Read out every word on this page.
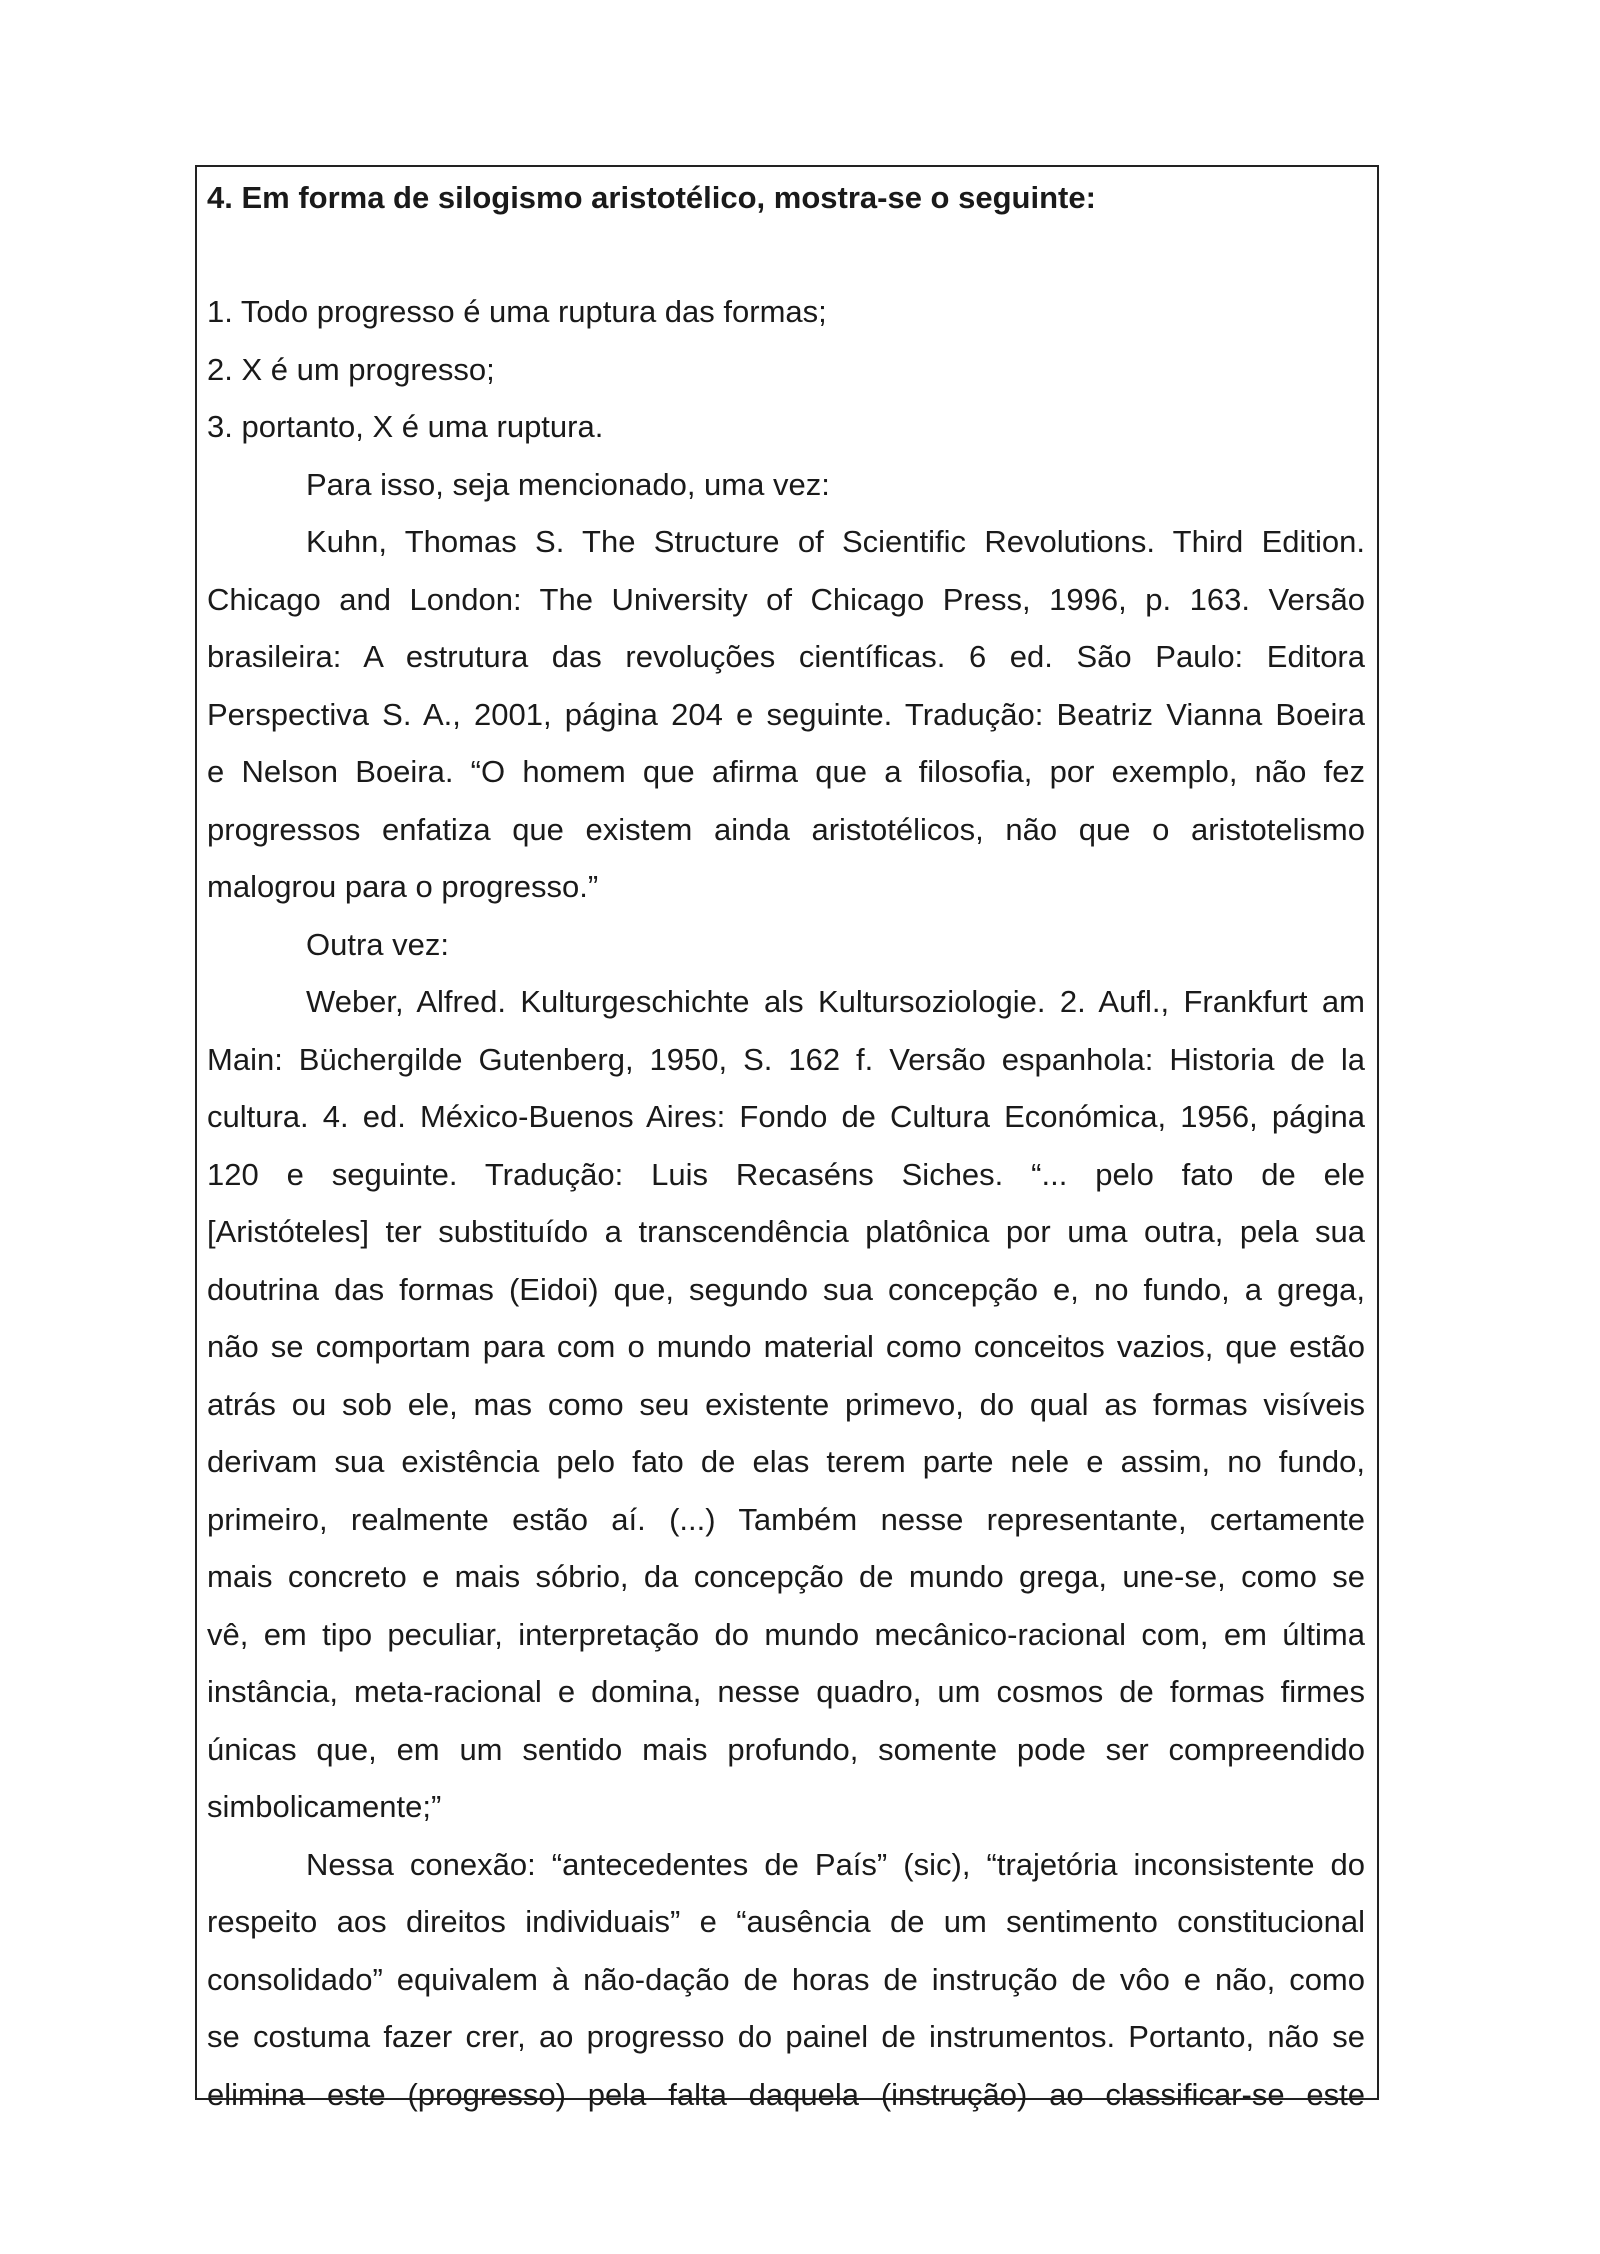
4. Em forma de silogismo aristotélico, mostra-se o seguinte:
1. Todo progresso é uma ruptura das formas;
2. X é um progresso;
3. portanto, X é uma ruptura.
Para isso, seja mencionado, uma vez:
Kuhn, Thomas S. The Structure of Scientific Revolutions. Third Edition.
Chicago and London: The University of Chicago Press, 1996, p. 163. Versão
brasileira: A estrutura das revoluções científicas. 6 ed. São Paulo: Editora
Perspectiva S. A., 2001, página 204 e seguinte. Tradução: Beatriz Vianna Boeira
e Nelson Boeira. “O homem que afirma que a filosofia, por exemplo, não fez
progressos enfatiza que existem ainda aristotélicos, não que o aristotelismo
malogrou para o progresso.”
Outra vez:
Weber, Alfred. Kulturgeschichte als Kultursoziologie. 2. Aufl., Frankfurt am
Main: Büchergilde Gutenberg, 1950, S. 162 f. Versão espanhola: Historia de la
cultura. 4. ed. México-Buenos Aires: Fondo de Cultura Económica, 1956, página
120 e seguinte. Tradução: Luis Recaséns Siches. “... pelo fato de ele
[Aristóteles] ter substituído a transcendência platônica por uma outra, pela sua
doutrina das formas (Eidoi) que, segundo sua concepção e, no fundo, a grega,
não se comportam para com o mundo material como conceitos vazios, que estão
atrás ou sob ele, mas como seu existente primevo, do qual as formas visíveis
derivam sua existência pelo fato de elas terem parte nele e assim, no fundo,
primeiro, realmente estão aí. (...) Também nesse representante, certamente
mais concreto e mais sóbrio, da concepção de mundo grega, une-se, como se
vê, em tipo peculiar, interpretação do mundo mecânico-racional com, em última
instância, meta-racional e domina, nesse quadro, um cosmos de formas firmes
únicas que, em um sentido mais profundo, somente pode ser compreendido
simbolicamente;”
Nessa conexão: “antecedentes de País” (sic), “trajetória inconsistente do
respeito aos direitos individuais” e “ausência de um sentimento constitucional
consolidado” equivalem à não-dação de horas de instrução de vôo e não, como
se costuma fazer crer, ao progresso do painel de instrumentos. Portanto, não se
elimina este (progresso) pela falta daquela (instrução) ao classificar-se este
